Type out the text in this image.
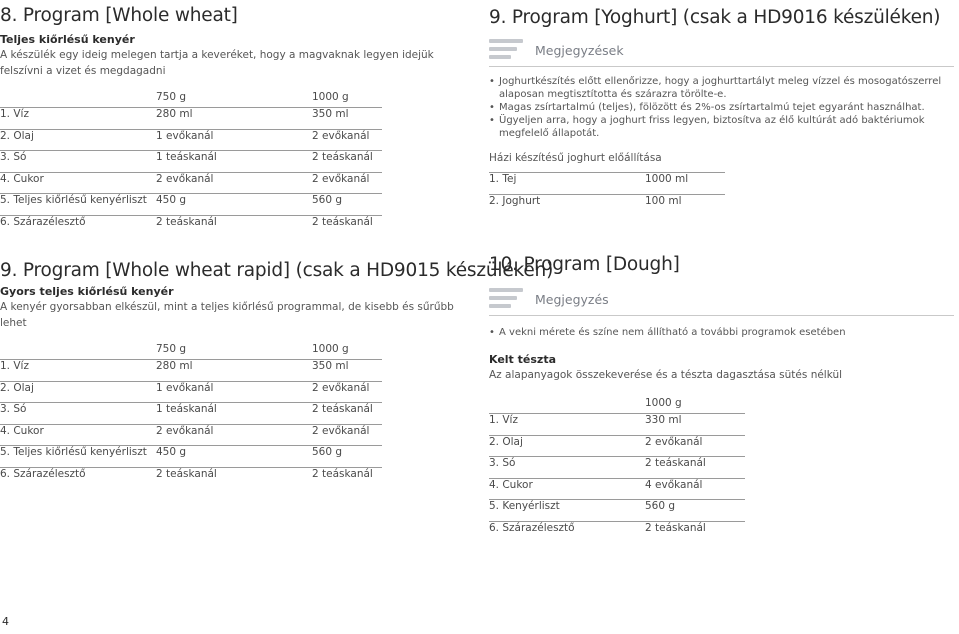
8. Program [Whole wheat]
Teljes kiőrlésű kenyér
A készülék egy ideig melegen tartja a keveréket, hogy a magvaknak legyen idejük felszívni a vizet és megdagadni
	750 g	1000 g
1. Víz	280 ml	350 ml
2. Olaj	1 evőkanál	2 evőkanál
3. Só	1 teáskanál	2 teáskanál
4. Cukor	2 evőkanál	2 evőkanál
5. Teljes kiőrlésű kenyérliszt	450 g	560 g
6. Szárazélesztő	2 teáskanál	2 teáskanál
9. Program [Yoghurt] (csak a HD9016 készüléken)
Megjegyzések
• Joghurtkészítés előtt ellenőrizze, hogy a joghurttartályt meleg vízzel és mosogatószerrel alaposan megtisztította és szárazra törölte-e.
• Magas zsírtartalmú (teljes), fölözött és 2%-os zsírtartalmú tejet egyaránt használhat.
• Ügyeljen arra, hogy a joghurt friss legyen, biztosítva az élő kultúrát adó baktériumok megfelelő állapotát.
Házi készítésű joghurt előállítása
1. Tej	1000 ml
2. Joghurt	100 ml
9. Program [Whole wheat rapid] (csak a HD9015 készüléken)
Gyors teljes kiőrlésű kenyér
A kenyér gyorsabban elkészül, mint a teljes kiőrlésű programmal, de kisebb és sűrűbb lehet
	750 g	1000 g
1. Víz	280 ml	350 ml
2. Olaj	1 evőkanál	2 evőkanál
3. Só	1 teáskanál	2 teáskanál
4. Cukor	2 evőkanál	2 evőkanál
5. Teljes kiőrlésű kenyérliszt	450 g	560 g
6. Szárazélesztő	2 teáskanál	2 teáskanál
10. Program [Dough]
Megjegyzés
• A vekni mérete és színe nem állítható a további programok esetében
Kelt tészta
Az alapanyagok összekeverése és a tészta dagasztása sütés nélkül
	1000 g
1. Víz	330 ml
2. Olaj	2 evőkanál
3. Só	2 teáskanál
4. Cukor	4 evőkanál
5. Kenyérliszt	560 g
6. Szárazélesztő	2 teáskanál
4
